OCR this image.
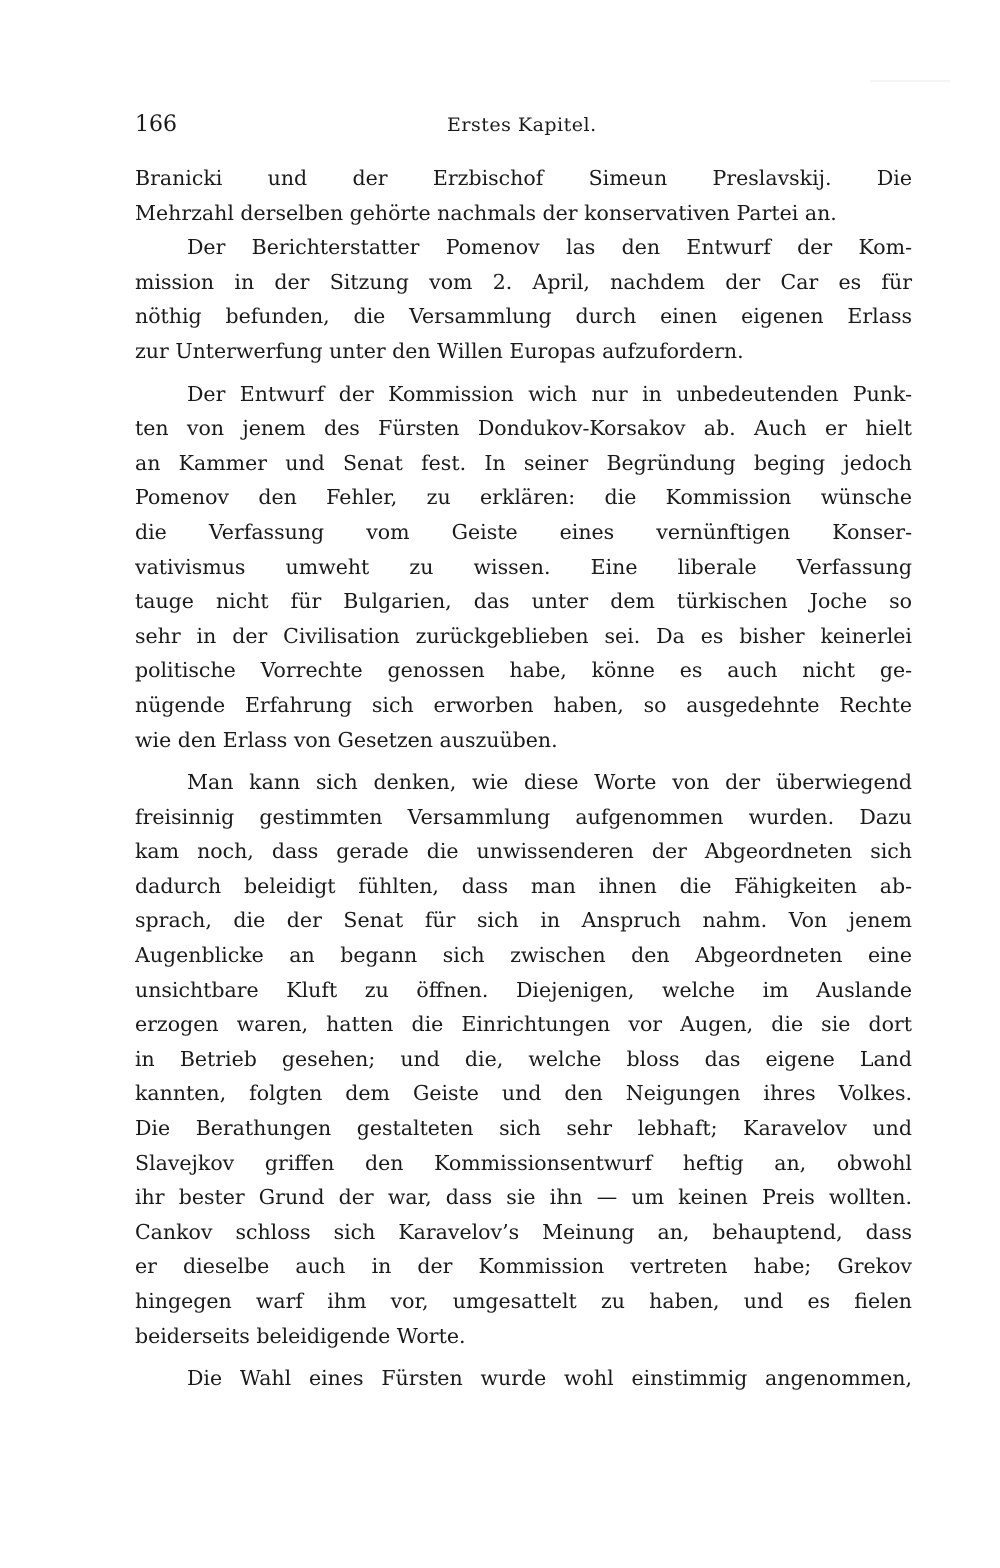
166	Erstes Kapitel.
Branicki und der Erzbischof Simeun Preslavskij. Die
Mehrzahl derselben gehörte nachmals der konservativen Partei an.
Der Berichterstatter Pomenov las den Entwurf der Kom-
mission in der Sitzung vom 2. April, nachdem der Car es für
nöthig befunden, die Versammlung durch einen eigenen Erlass
zur Unterwerfung unter den Willen Europas aufzufordern.
Der Entwurf der Kommission wich nur in unbedeutenden Punk-
ten von jenem des Fürsten Dondukov-Korsakov ab. Auch er hielt
an Kammer und Senat fest. In seiner Begründung beging jedoch
Pomenov den Fehler, zu erklären: die Kommission wünsche
die Verfassung vom Geiste eines vernünftigen Konser-
vativismus umweht zu wissen. Eine liberale Verfassung
tauge nicht für Bulgarien, das unter dem türkischen Joche so
sehr in der Civilisation zurückgeblieben sei. Da es bisher keinerlei
politische Vorrechte genossen habe, könne es auch nicht ge-
nügende Erfahrung sich erworben haben, so ausgedehnte Rechte
wie den Erlass von Gesetzen auszuüben.
Man kann sich denken, wie diese Worte von der überwiegend
freisinnig gestimmten Versammlung aufgenommen wurden. Dazu
kam noch, dass gerade die unwissenderen der Abgeordneten sich
dadurch beleidigt fühlten, dass man ihnen die Fähigkeiten ab-
sprach, die der Senat für sich in Anspruch nahm. Von jenem
Augenblicke an begann sich zwischen den Abgeordneten eine
unsichtbare Kluft zu öffnen. Diejenigen, welche im Auslande
erzogen waren, hatten die Einrichtungen vor Augen, die sie dort
in Betrieb gesehen; und die, welche bloss das eigene Land
kannten, folgten dem Geiste und den Neigungen ihres Volkes.
Die Berathungen gestalteten sich sehr lebhaft; Karavelov und
Slavejkov griffen den Kommissionsentwurf heftig an, obwohl
ihr bester Grund der war, dass sie ihn — um keinen Preis wollten.
Cankov schloss sich Karavelov’s Meinung an, behauptend, dass
er dieselbe auch in der Kommission vertreten habe; Grekov
hingegen warf ihm vor, umgesattelt zu haben, und es fielen
beiderseits beleidigende Worte.
Die Wahl eines Fürsten wurde wohl einstimmig angenommen,
